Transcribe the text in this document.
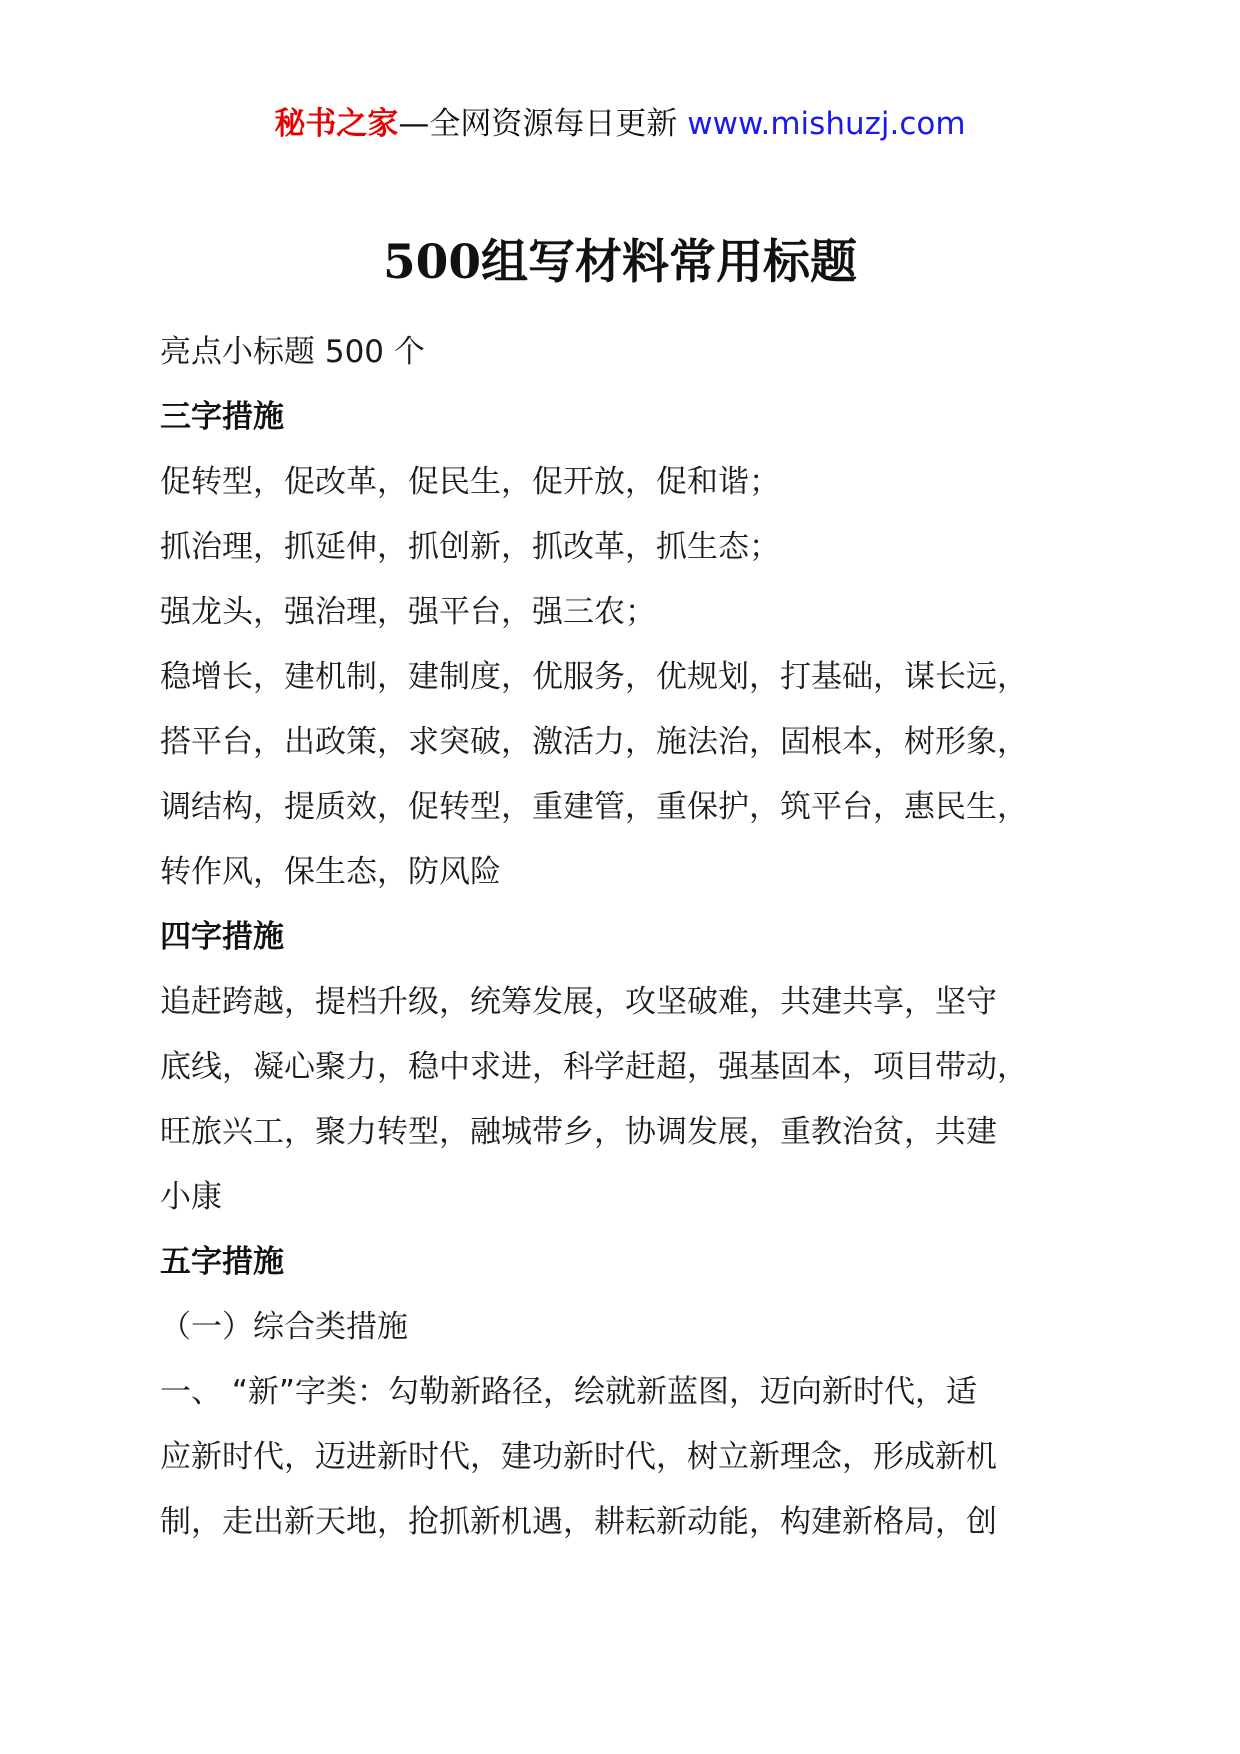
秘书之家—全网资源每日更新 www.mishuzj.com
500组写材料常用标题

亮点小标题 500 个

三字措施

促转型，促改革，促民生，促开放，促和谐；

抓治理，抓延伸，抓创新，抓改革，抓生态；

强龙头，强治理，强平台，强三农；

稳增长，建机制，建制度，优服务，优规划，打基础，谋长远，

搭平台，出政策，求突破，激活力，施法治，固根本，树形象，

调结构，提质效，促转型，重建管，重保护，筑平台，惠民生，

转作风，保生态，防风险

四字措施

追赶跨越，提档升级，统筹发展，攻坚破难，共建共享，坚守

底线，凝心聚力，稳中求进，科学赶超，强基固本，项目带动，

旺旅兴工，聚力转型，融城带乡，协调发展，重教治贫，共建

小康

五字措施

（一）综合类措施

一、 “新”字类：勾勒新路径，绘就新蓝图，迈向新时代，适

应新时代，迈进新时代，建功新时代，树立新理念，形成新机

制，走出新天地，抢抓新机遇，耕耘新动能，构建新格局，创
